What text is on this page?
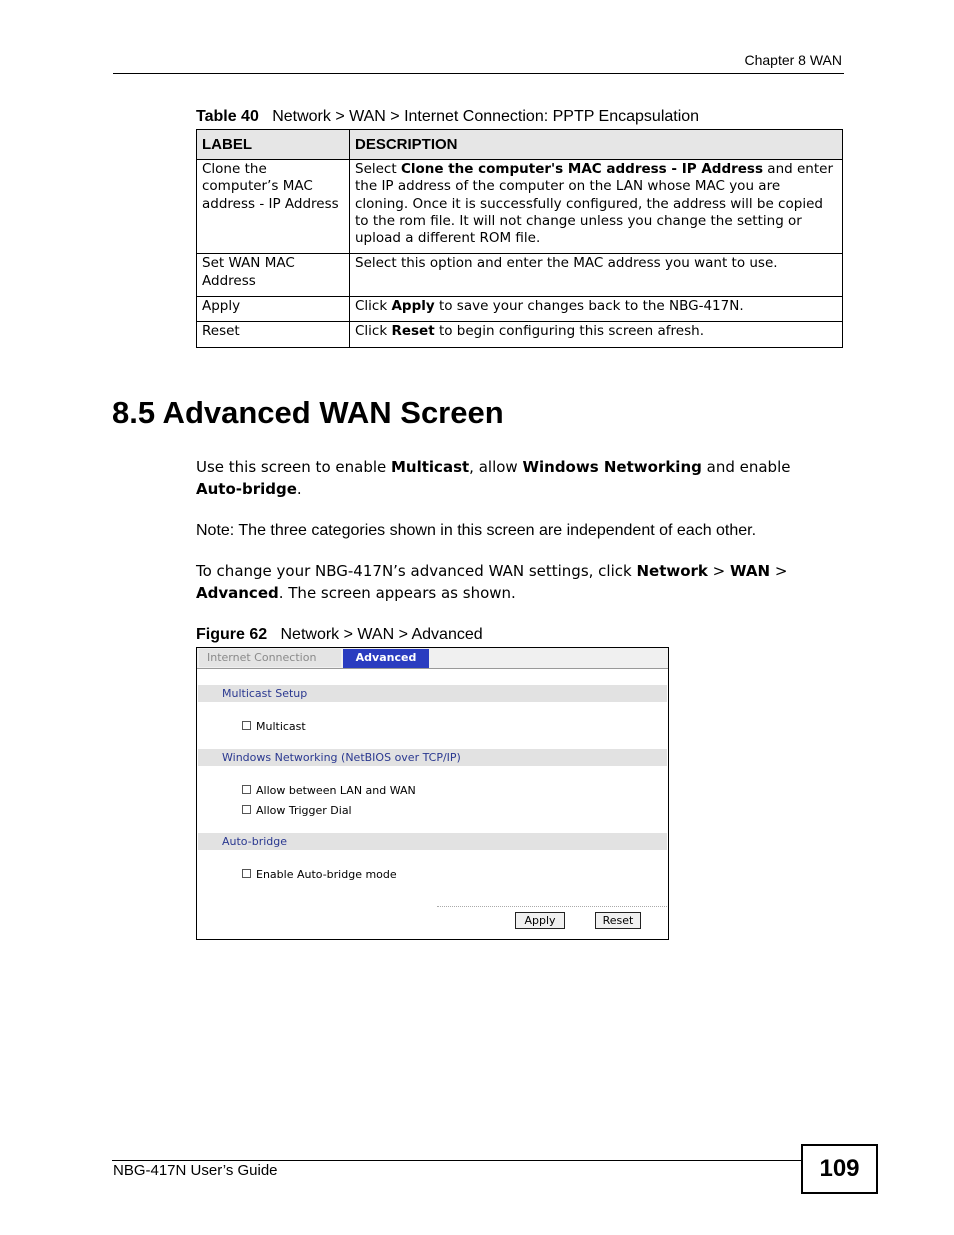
Chapter 8 WAN
Table 40 Network > WAN > Internet Connection: PPTP Encapsulation
LABEL	DESCRIPTION
Clone the computer’s MAC address - IP Address	Select Clone the computer's MAC address - IP Address and enter the IP address of the computer on the LAN whose MAC you are cloning. Once it is successfully configured, the address will be copied to the rom file. It will not change unless you change the setting or upload a different ROM file.
Set WAN MAC Address	Select this option and enter the MAC address you want to use.
Apply	Click Apply to save your changes back to the NBG-417N.
Reset	Click Reset to begin configuring this screen afresh.
8.5 Advanced WAN Screen
Use this screen to enable Multicast, allow Windows Networking and enable Auto-bridge.
Note: The three categories shown in this screen are independent of each other.
To change your NBG-417N’s advanced WAN settings, click Network > WAN > Advanced. The screen appears as shown.
Figure 62 Network > WAN > Advanced
Internet Connection	Advanced
Multicast Setup
Multicast
Windows Networking (NetBIOS over TCP/IP)
Allow between LAN and WAN
Allow Trigger Dial
Auto-bridge
Enable Auto-bridge mode
Apply	Reset
NBG-417N User’s Guide	109
